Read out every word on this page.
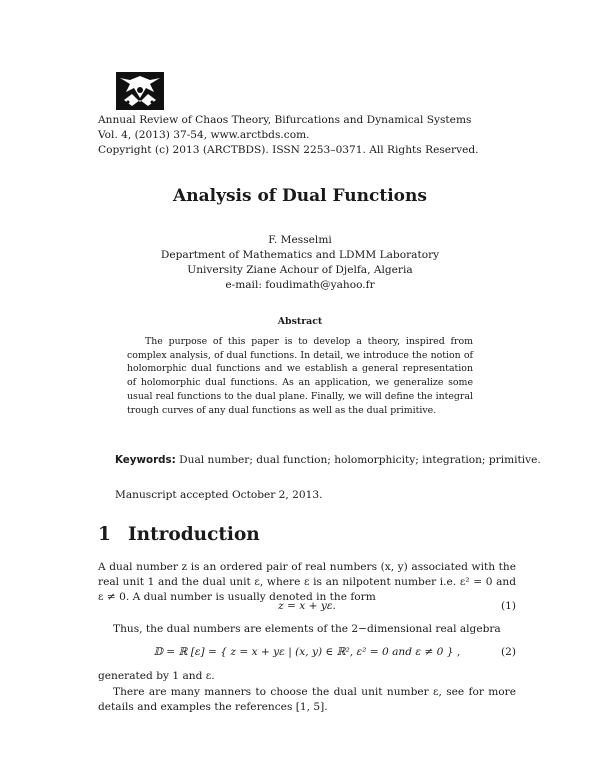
Annual Review of Chaos Theory, Bifurcations and Dynamical Systems
Vol. 4, (2013) 37-54, www.arctbds.com.
Copyright (c) 2013 (ARCTBDS). ISSN 2253–0371. All Rights Reserved.
Analysis of Dual Functions
F. Messelmi
Department of Mathematics and LDMM Laboratory
University Ziane Achour of Djelfa, Algeria
e-mail: foudimath@yahoo.fr
Abstract
The purpose of this paper is to develop a theory, inspired from complex analysis, of dual functions. In detail, we introduce the notion of holomorphic dual functions and we establish a general representation of holomorphic dual functions. As an application, we generalize some usual real functions to the dual plane. Finally, we will define the integral trough curves of any dual functions as well as the dual primitive.
Keywords: Dual number; dual function; holomorphicity; integration; primitive.
Manuscript accepted October 2, 2013.
1 Introduction
A dual number z is an ordered pair of real numbers (x, y) associated with the real unit 1 and the dual unit ε, where ε is an nilpotent number i.e. ε² = 0 and ε ≠ 0. A dual number is usually denoted in the form
z = x + yε.	(1)
Thus, the dual numbers are elements of the 2−dimensional real algebra
𝔻 = ℝ [ε] = { z = x + yε | (x, y) ∈ ℝ², ε² = 0 and ε ≠ 0 } ,	(2)
generated by 1 and ε.
There are many manners to choose the dual unit number ε, see for more details and examples the references [1, 5].
